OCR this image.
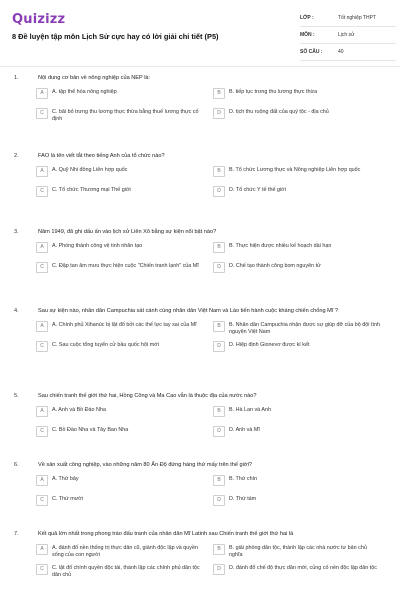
Quizizz
8 Đề luyện tập môn Lịch Sử cực hay có lời giải chi tiết (P5)
LỚP :	Tốt nghiệp THPT
MÔN :	Lịch sử
SỐ CÂU :	40
1.	Nội dung cơ bản về nông nghiệp của NEP là:
A	A. tập thể hóa nông nghiệp	B	B. tiếp tục trưng thu lương thực thừa
C	C. bãi bỏ trưng thu lương thực thừa bằng thuế lương thực cố định
D	D. tịch thu ruộng đất của quý tộc - địa chủ
2.	FAO là tên viết tắt theo tiếng Anh của tổ chức nào?
A	A. Quỹ Nhi đồng Liên hợp quốc	B	B. Tổ chức Lương thực và Nông nghiệp Liên hợp quốc
C	C. Tổ chức Thương mại Thế giới	D	D. Tổ chức Y tế thế giới
3.	Năm 1949, đã ghi dấu ấn vào lịch sử Liên Xô bằng sự kiện nổi bật nào?
A	A. Phóng thành công vệ tinh nhân tạo	B	B. Thực hiện được nhiều kế hoạch dài hạn
C	C. Đập tan âm mưu thực hiện cuộc "Chiến tranh lạnh" của Mĩ	D	D. Chế tạo thành công bom nguyên tử
4.	Sau sự kiện nào, nhân dân Campuchia sát cánh cùng nhân dân Việt Nam và Lào tiến hành cuộc kháng chiến chống Mĩ ?
A	A. Chính phủ Xihanúc bị lật đổ bởi các thế lực tay sai của Mĩ	B	B. Nhân dân Campuchia nhận được sự giúp đỡ của bộ đội tình nguyện Việt Nam
C	C. Sau cuộc tổng tuyển cử bầu quốc hội mới	D	D. Hiệp định Gionevơ được kí kết
5.	Sau chiến tranh thế giới thứ hai, Hồng Công và Ma Cao vẫn là thuộc địa của nước nào?
A	A. Anh và Bồ Đào Nha	B	B. Hà Lan và Anh
C	C. Bồ Đào Nha và Tây Ban Nha	D	D. Anh và Mĩ
6.	Về sản xuất công nghiệp, vào những năm 80 Ấn Độ đứng hàng thứ mấy trên thế giới?
A	A. Thứ bảy	B	B. Thứ chín
C	C. Thứ mười	D	D. Thứ tám
7.	Kết quả lớn nhất trong phong trào đấu tranh của nhân dân Mĩ Latinh sau Chiến tranh thế giới thứ hai là
A	A. đánh đổ nền thống trị thực dân cũ, giành độc lập và quyền sống của con người
B	B. giải phóng dân tộc, thành lập các nhà nước tư bản chủ nghĩa
C	C. lật đổ chính quyền độc tài, thành lập các chính phủ dân tộc dân chủ
D	D. đánh đổ chế độ thực dân mới, củng cố nền độc lập dân tộc
